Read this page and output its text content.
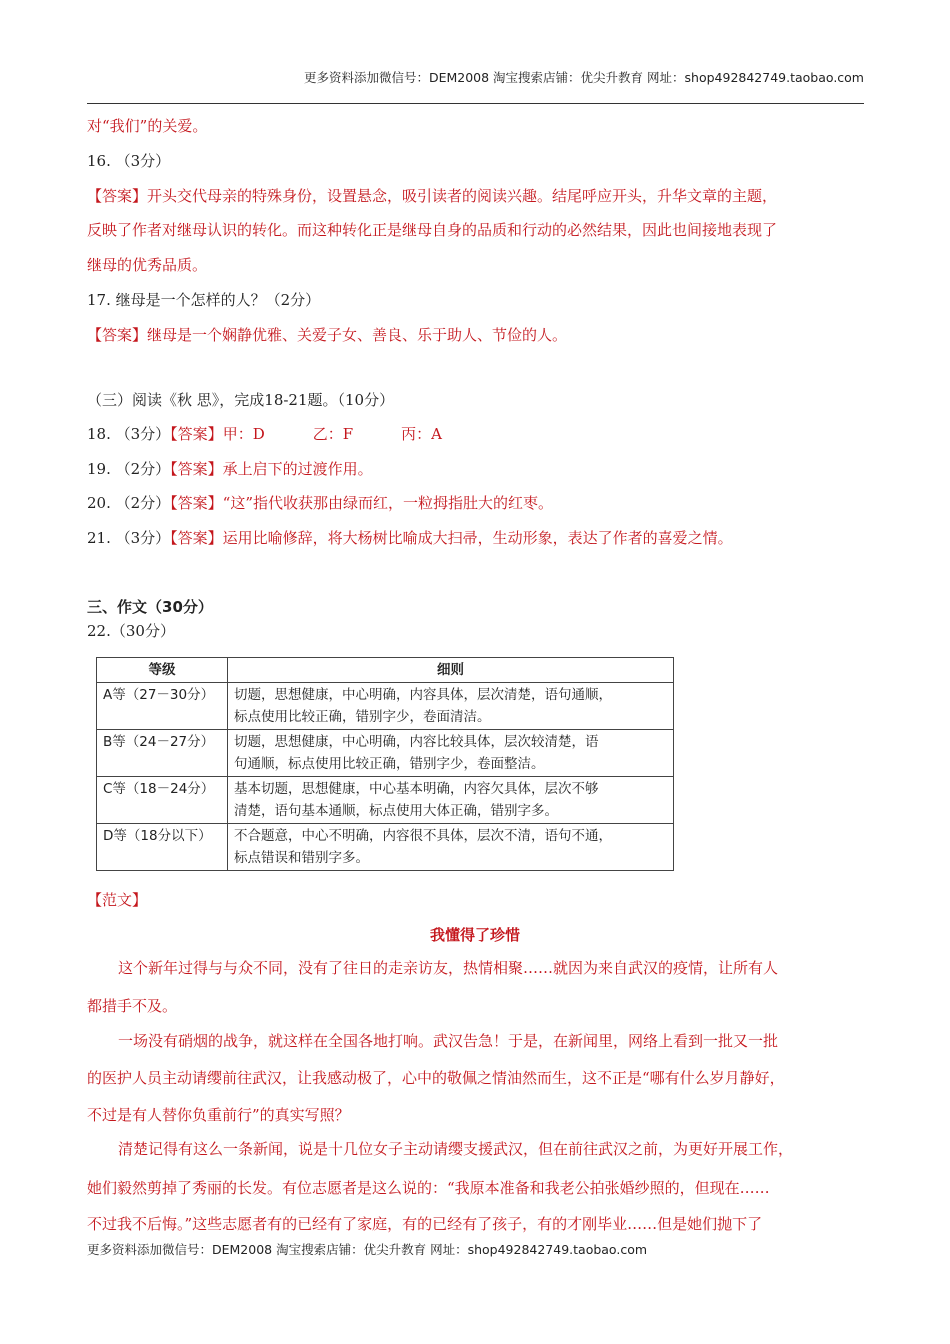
更多资料添加微信号：DEM2008 淘宝搜索店铺：优尖升教育 网址：shop492842749.taobao.com
对“我们”的关爱。
16. （3分）
【答案】开头交代母亲的特殊身份，设置悬念，吸引读者的阅读兴趣。结尾呼应开头，升华文章的主题，
反映了作者对继母认识的转化。而这种转化正是继母自身的品质和行动的必然结果，因此也间接地表现了
继母的优秀品质。
17. 继母是一个怎样的人？（2分）
【答案】继母是一个娴静优雅、关爱子女、善良、乐于助人、节俭的人。
（三）阅读《秋 思》，完成18-21题。（10分）
18. （3分）【答案】甲：D	乙：F	丙：A
19. （2分）【答案】承上启下的过渡作用。
20. （2分）【答案】“这”指代收获那由绿而红，一粒拇指肚大的红枣。
21. （3分）【答案】运用比喻修辞，将大杨树比喻成大扫帚，生动形象，表达了作者的喜爱之情。
三、作文（30分）
22.（30分）
等级	细则
A等（27－30分）	切题，思想健康，中心明确，内容具体，层次清楚，语句通顺，
标点使用比较正确，错别字少，卷面清洁。

B等（24－27分）	切题，思想健康，中心明确，内容比较具体，层次较清楚，语
句通顺，标点使用比较正确，错别字少，卷面整洁。

C等（18－24分）	基本切题，思想健康，中心基本明确，内容欠具体，层次不够
清楚，语句基本通顺，标点使用大体正确，错别字多。

D等（18分以下）	不合题意，中心不明确，内容很不具体，层次不清，语句不通，
标点错误和错别字多。
【范文】
我懂得了珍惜
这个新年过得与与众不同，没有了往日的走亲访友，热情相聚……就因为来自武汉的疫情，让所有人
都措手不及。
一场没有硝烟的战争，就这样在全国各地打响。武汉告急！于是，在新闻里，网络上看到一批又一批
的医护人员主动请缨前往武汉，让我感动极了，心中的敬佩之情油然而生，这不正是“哪有什么岁月静好，
不过是有人替你负重前行”的真实写照？
清楚记得有这么一条新闻，说是十几位女子主动请缨支援武汉，但在前往武汉之前，为更好开展工作，
她们毅然剪掉了秀丽的长发。有位志愿者是这么说的：“我原本准备和我老公拍张婚纱照的，但现在……
不过我不后悔。”这些志愿者有的已经有了家庭，有的已经有了孩子，有的才刚毕业……但是她们抛下了
更多资料添加微信号：DEM2008 淘宝搜索店铺：优尖升教育 网址：shop492842749.taobao.com
